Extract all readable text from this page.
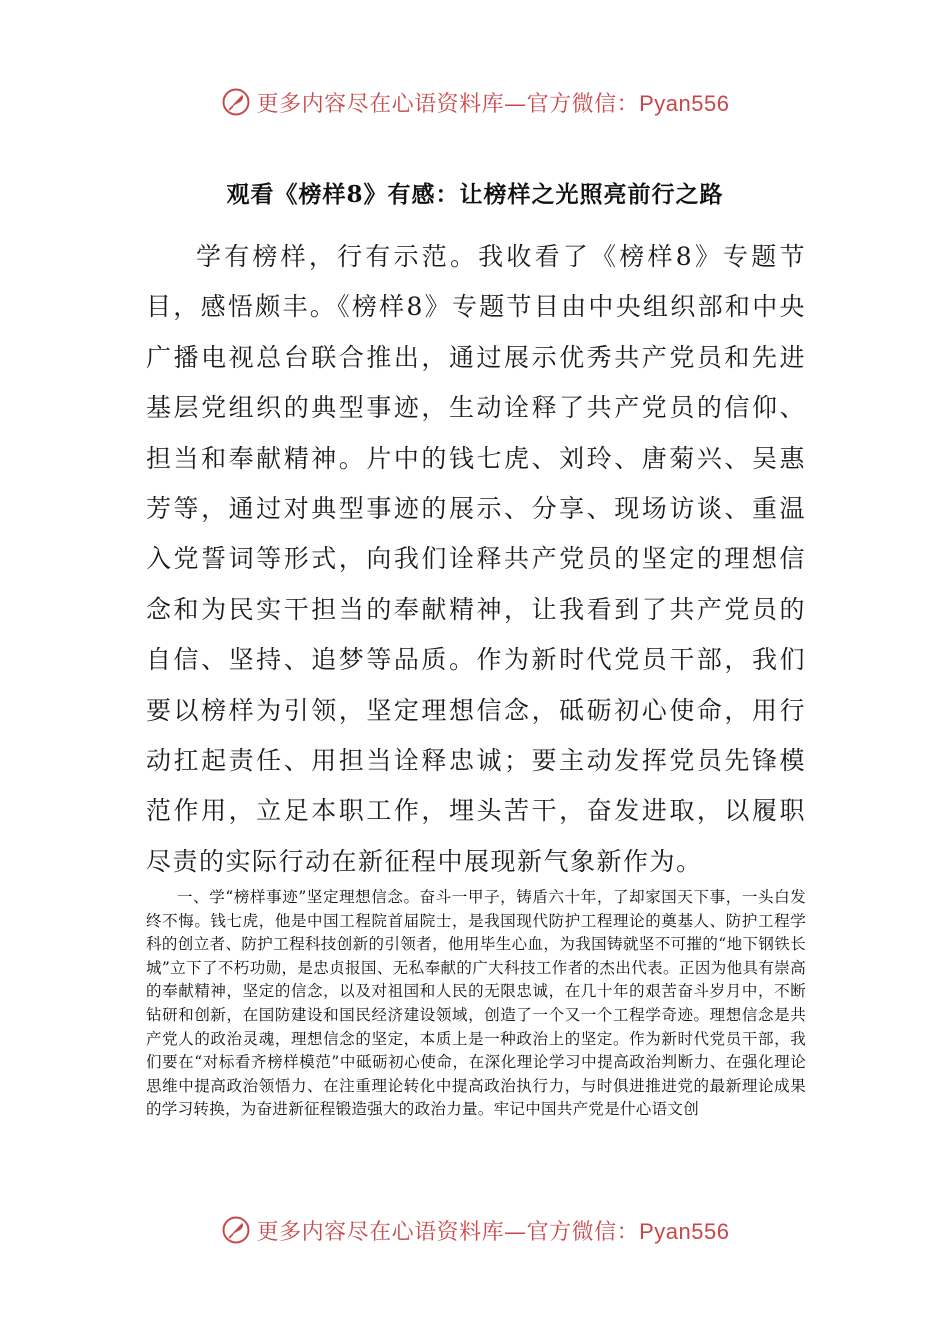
更多内容尽在心语资料库—官方微信：Pyan556
观看《榜样8》有感：让榜样之光照亮前行之路

学有榜样，行有示范。我收看了《榜样8》专题节目，感悟颇丰。《榜样8》专题节目由中央组织部和中央广播电视总台联合推出，通过展示优秀共产党员和先进基层党组织的典型事迹，生动诠释了共产党员的信仰、担当和奉献精神。片中的钱七虎、刘玲、唐菊兴、吴惠芳等，通过对典型事迹的展示、分享、现场访谈、重温入党誓词等形式，向我们诠释共产党员的坚定的理想信念和为民实干担当的奉献精神，让我看到了共产党员的自信、坚持、追梦等品质。作为新时代党员干部，我们要以榜样为引领，坚定理想信念，砥砺初心使命，用行动扛起责任、用担当诠释忠诚；要主动发挥党员先锋模范作用，立足本职工作，埋头苦干，奋发进取，以履职尽责的实际行动在新征程中展现新气象新作为。

一、学“榜样事迹”坚定理想信念。奋斗一甲子，铸盾六十年，了却家国天下事，一头白发终不悔。钱七虎，他是中国工程院首届院士，是我国现代防护工程理论的奠基人、防护工程学科的创立者、防护工程科技创新的引领者，他用毕生心血，为我国铸就坚不可摧的“地下钢铁长城”立下了不朽功勋，是忠贞报国、无私奉献的广大科技工作者的杰出代表。正因为他具有崇高的奉献精神，坚定的信念，以及对祖国和人民的无限忠诚，在几十年的艰苦奋斗岁月中，不断钻研和创新，在国防建设和国民经济建设领域，创造了一个又一个工程学奇迹。理想信念是共产党人的政治灵魂，理想信念的坚定，本质上是一种政治上的坚定。作为新时代党员干部，我们要在“对标看齐榜样模范”中砥砺初心使命，在深化理论学习中提高政治判断力、在强化理论思维中提高政治领悟力、在注重理论转化中提高政治执行力，与时俱进推进党的最新理论成果的学习转换，为奋进新征程锻造强大的政治力量。牢记中国共产党是什心语文创

更多内容尽在心语资料库—官方微信：Pyan556
